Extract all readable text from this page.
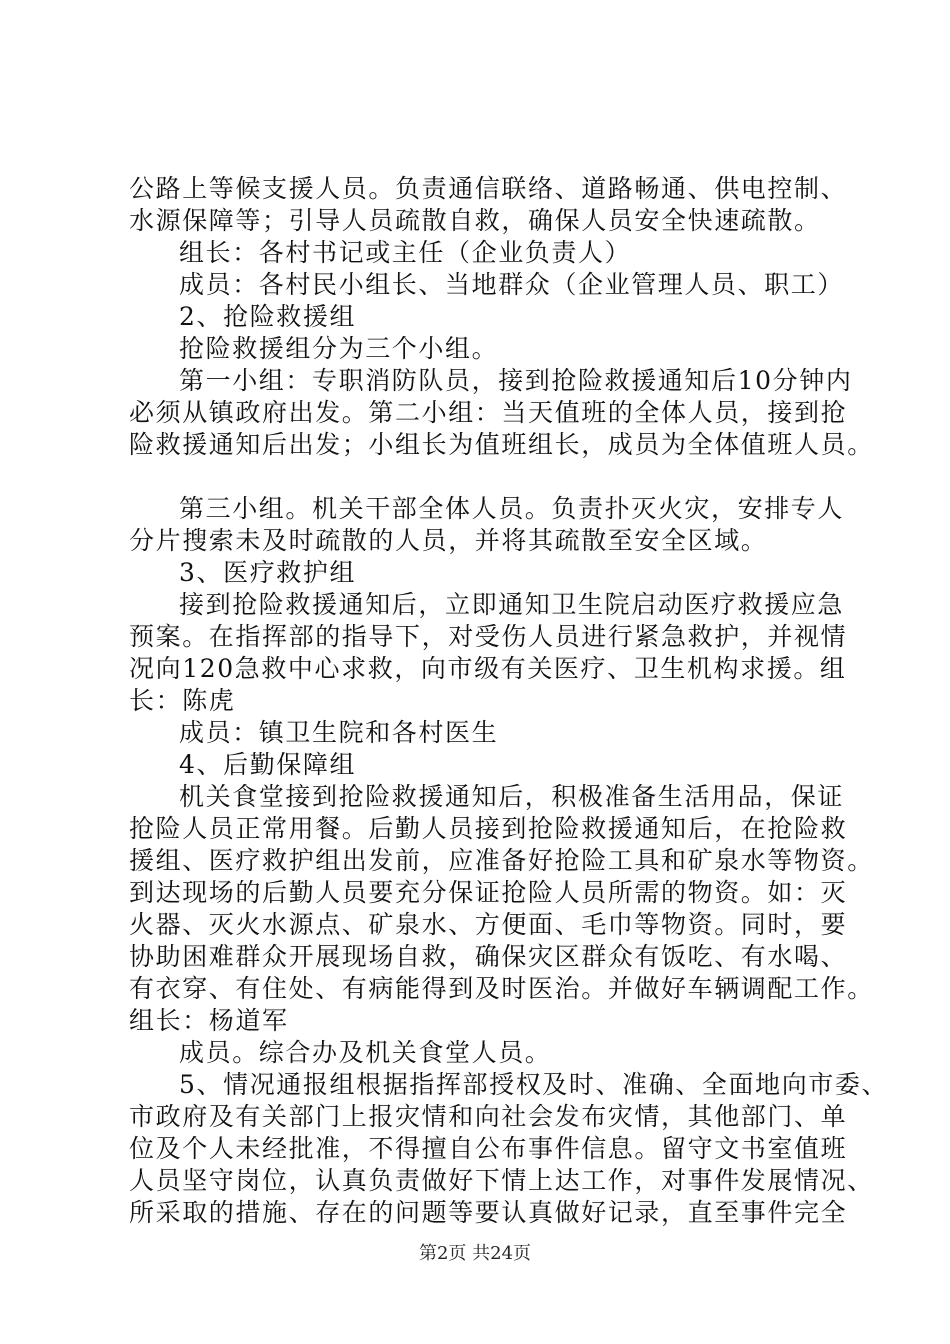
公路上等候支援人员。负责通信联络、道路畅通、供电控制、
水源保障等；引导人员疏散自救，确保人员安全快速疏散。
组长：各村书记或主任（企业负责人）
成员：各村民小组长、当地群众（企业管理人员、职工）
2、抢险救援组
抢险救援组分为三个小组。
第一小组：专职消防队员，接到抢险救援通知后10分钟内
必须从镇政府出发。第二小组：当天值班的全体人员，接到抢
险救援通知后出发；小组长为值班组长，成员为全体值班人员。
第三小组。机关干部全体人员。负责扑灭火灾，安排专人
分片搜索未及时疏散的人员，并将其疏散至安全区域。
3、医疗救护组
接到抢险救援通知后，立即通知卫生院启动医疗救援应急
预案。在指挥部的指导下，对受伤人员进行紧急救护，并视情
况向120急救中心求救，向市级有关医疗、卫生机构求援。组
长：陈虎
成员：镇卫生院和各村医生
4、后勤保障组
机关食堂接到抢险救援通知后，积极准备生活用品，保证
抢险人员正常用餐。后勤人员接到抢险救援通知后，在抢险救
援组、医疗救护组出发前，应准备好抢险工具和矿泉水等物资。
到达现场的后勤人员要充分保证抢险人员所需的物资。如：灭
火器、灭火水源点、矿泉水、方便面、毛巾等物资。同时，要
协助困难群众开展现场自救，确保灾区群众有饭吃、有水喝、
有衣穿、有住处、有病能得到及时医治。并做好车辆调配工作。
组长：杨道军
成员。综合办及机关食堂人员。
5、情况通报组根据指挥部授权及时、准确、全面地向市委、
市政府及有关部门上报灾情和向社会发布灾情，其他部门、单
位及个人未经批准，不得擅自公布事件信息。留守文书室值班
人员坚守岗位，认真负责做好下情上达工作，对事件发展情况、
所采取的措施、存在的问题等要认真做好记录，直至事件完全
第2页 共24页
